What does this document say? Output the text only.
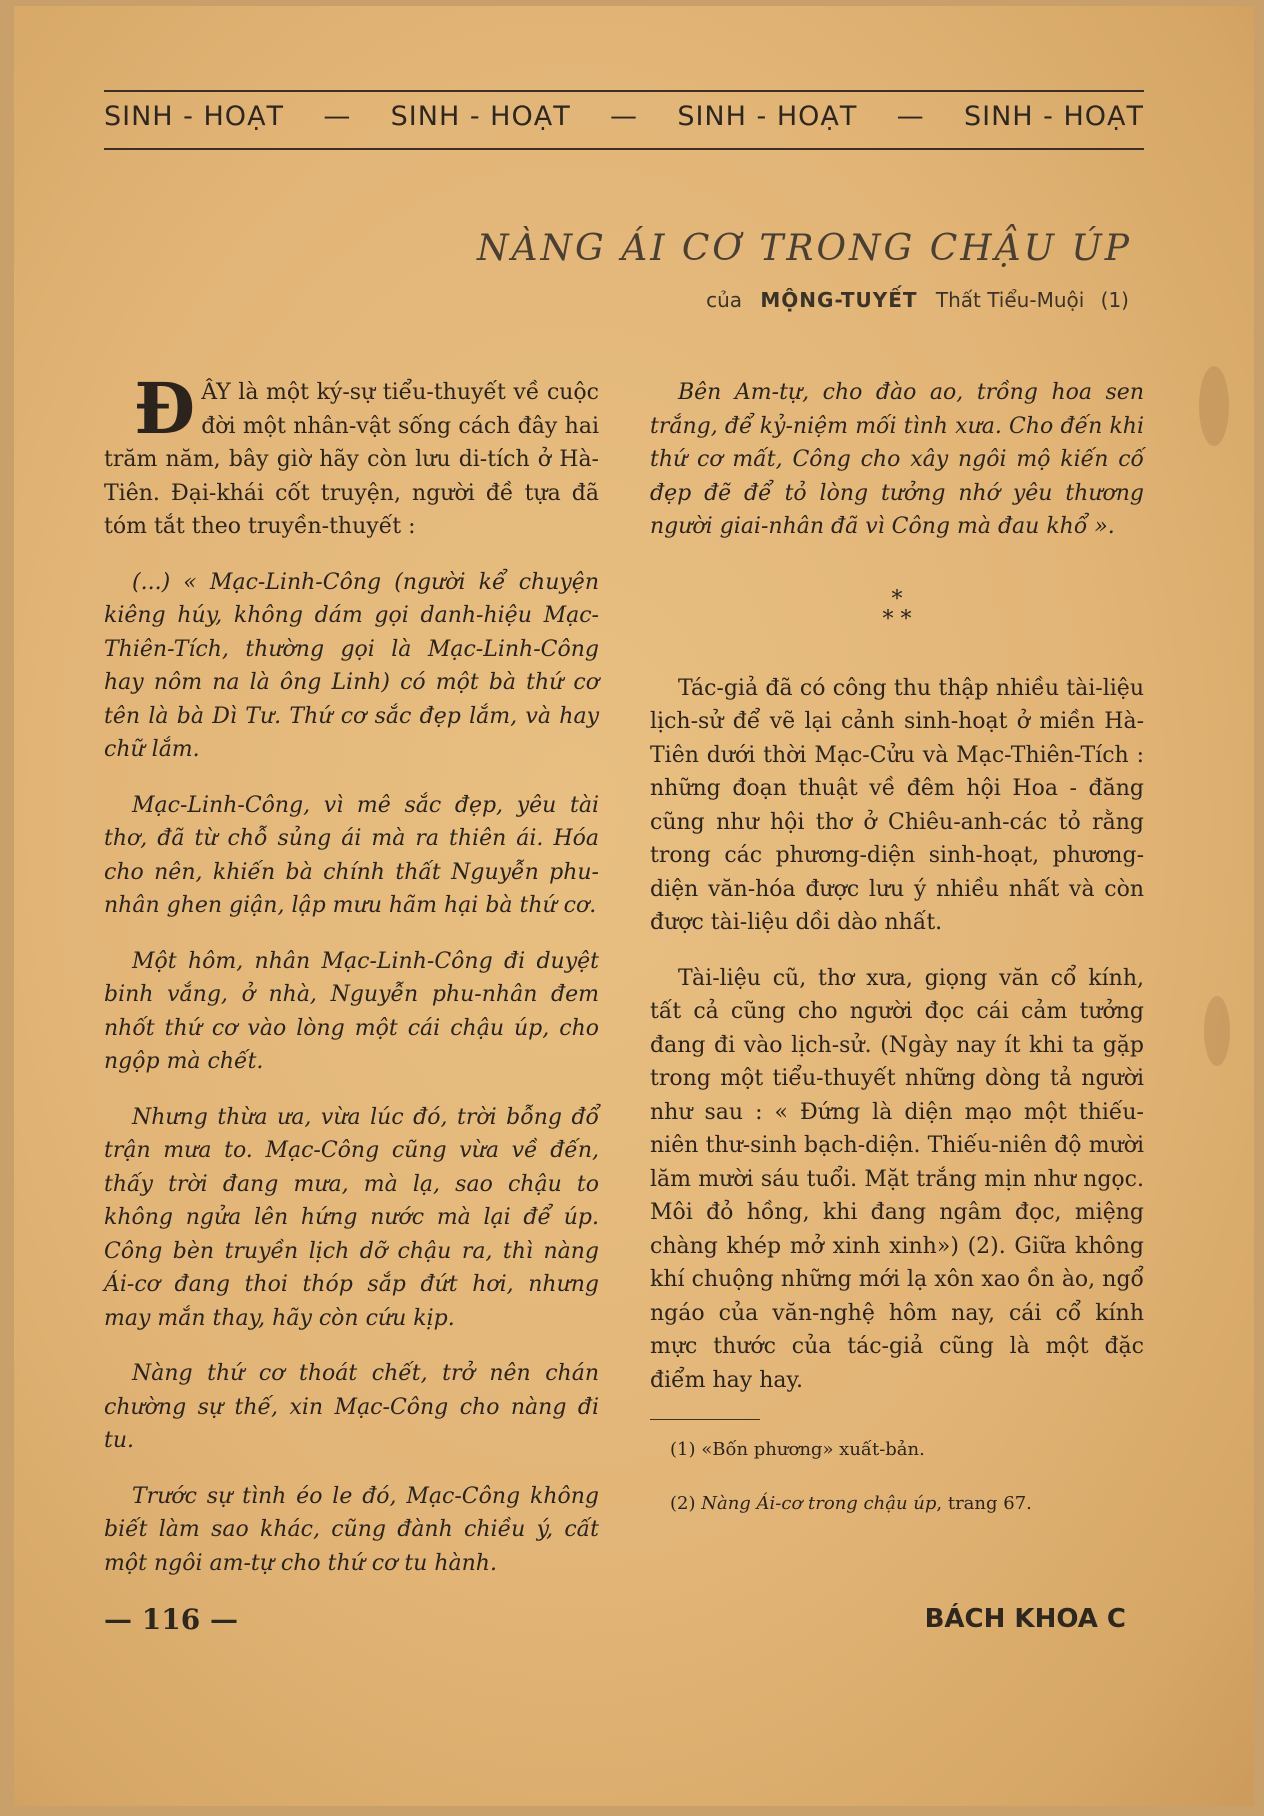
SINH - HOẠT — SINH - HOẠT — SINH - HOẠT — SINH - HOẠT
NÀNG ÁI CƠ TRONG CHẬU ÚP
của MỘNG-TUYẾT Thất Tiểu-Muội (1)

ĐÂY là một ký-sự tiểu-thuyết về cuộc đời một nhân-vật sống cách đây hai trăm năm, bây giờ hãy còn lưu di-tích ở Hà-Tiên. Đại-khái cốt truyện, người đề tựa đã tóm tắt theo truyền-thuyết :

(...) « Mạc-Linh-Công (người kể chuyện kiêng húy, không dám gọi danh-hiệu Mạc-Thiên-Tích, thường gọi là Mạc-Linh-Công hay nôm na là ông Linh) có một bà thứ cơ tên là bà Dì Tư. Thứ cơ sắc đẹp lắm, và hay chữ lắm.

Mạc-Linh-Công, vì mê sắc đẹp, yêu tài thơ, đã từ chỗ sủng ái mà ra thiên ái. Hóa cho nên, khiến bà chính thất Nguyễn phu-nhân ghen giận, lập mưu hãm hại bà thứ cơ.

Một hôm, nhân Mạc-Linh-Công đi duyệt binh vắng, ở nhà, Nguyễn phu-nhân đem nhốt thứ cơ vào lòng một cái chậu úp, cho ngộp mà chết.

Nhưng thừa ưa, vừa lúc đó, trời bỗng đổ trận mưa to. Mạc-Công cũng vừa về đến, thấy trời đang mưa, mà lạ, sao chậu to không ngửa lên hứng nước mà lại để úp. Công bèn truyền lịch dỡ chậu ra, thì nàng Ái-cơ đang thoi thóp sắp đứt hơi, nhưng may mắn thay, hãy còn cứu kịp.

Nàng thứ cơ thoát chết, trở nên chán chường sự thế, xin Mạc-Công cho nàng đi tu.

Trước sự tình éo le đó, Mạc-Công không biết làm sao khác, cũng đành chiều ý, cất một ngôi am-tự cho thứ cơ tu hành.

Bên Am-tự, cho đào ao, trồng hoa sen trắng, để kỷ-niệm mối tình xưa. Cho đến khi thứ cơ mất, Công cho xây ngôi mộ kiến cố đẹp đẽ để tỏ lòng tưởng nhớ yêu thương người giai-nhân đã vì Công mà đau khổ ».

*
* *

Tác-giả đã có công thu thập nhiều tài-liệu lịch-sử để vẽ lại cảnh sinh-hoạt ở miền Hà-Tiên dưới thời Mạc-Cửu và Mạc-Thiên-Tích : những đoạn thuật về đêm hội Hoa - đăng cũng như hội thơ ở Chiêu-anh-các tỏ rằng trong các phương-diện sinh-hoạt, phương-diện văn-hóa được lưu ý nhiều nhất và còn được tài-liệu dồi dào nhất.

Tài-liệu cũ, thơ xưa, giọng văn cổ kính, tất cả cũng cho người đọc cái cảm tưởng đang đi vào lịch-sử. (Ngày nay ít khi ta gặp trong một tiểu-thuyết những dòng tả người như sau : « Đứng là diện mạo một thiếu-niên thư-sinh bạch-diện. Thiếu-niên độ mười lăm mười sáu tuổi. Mặt trắng mịn như ngọc. Môi đỏ hồng, khi đang ngâm đọc, miệng chàng khép mở xinh xinh») (2). Giữa không khí chuộng những mới lạ xôn xao ồn ào, ngổ ngáo của văn-nghệ hôm nay, cái cổ kính mực thước của tác-giả cũng là một đặc điểm hay hay.

(1) «Bốn phương» xuất-bản.

(2) Nàng Ái-cơ trong chậu úp, trang 67.

— 116 —	BÁCH KHOA C
